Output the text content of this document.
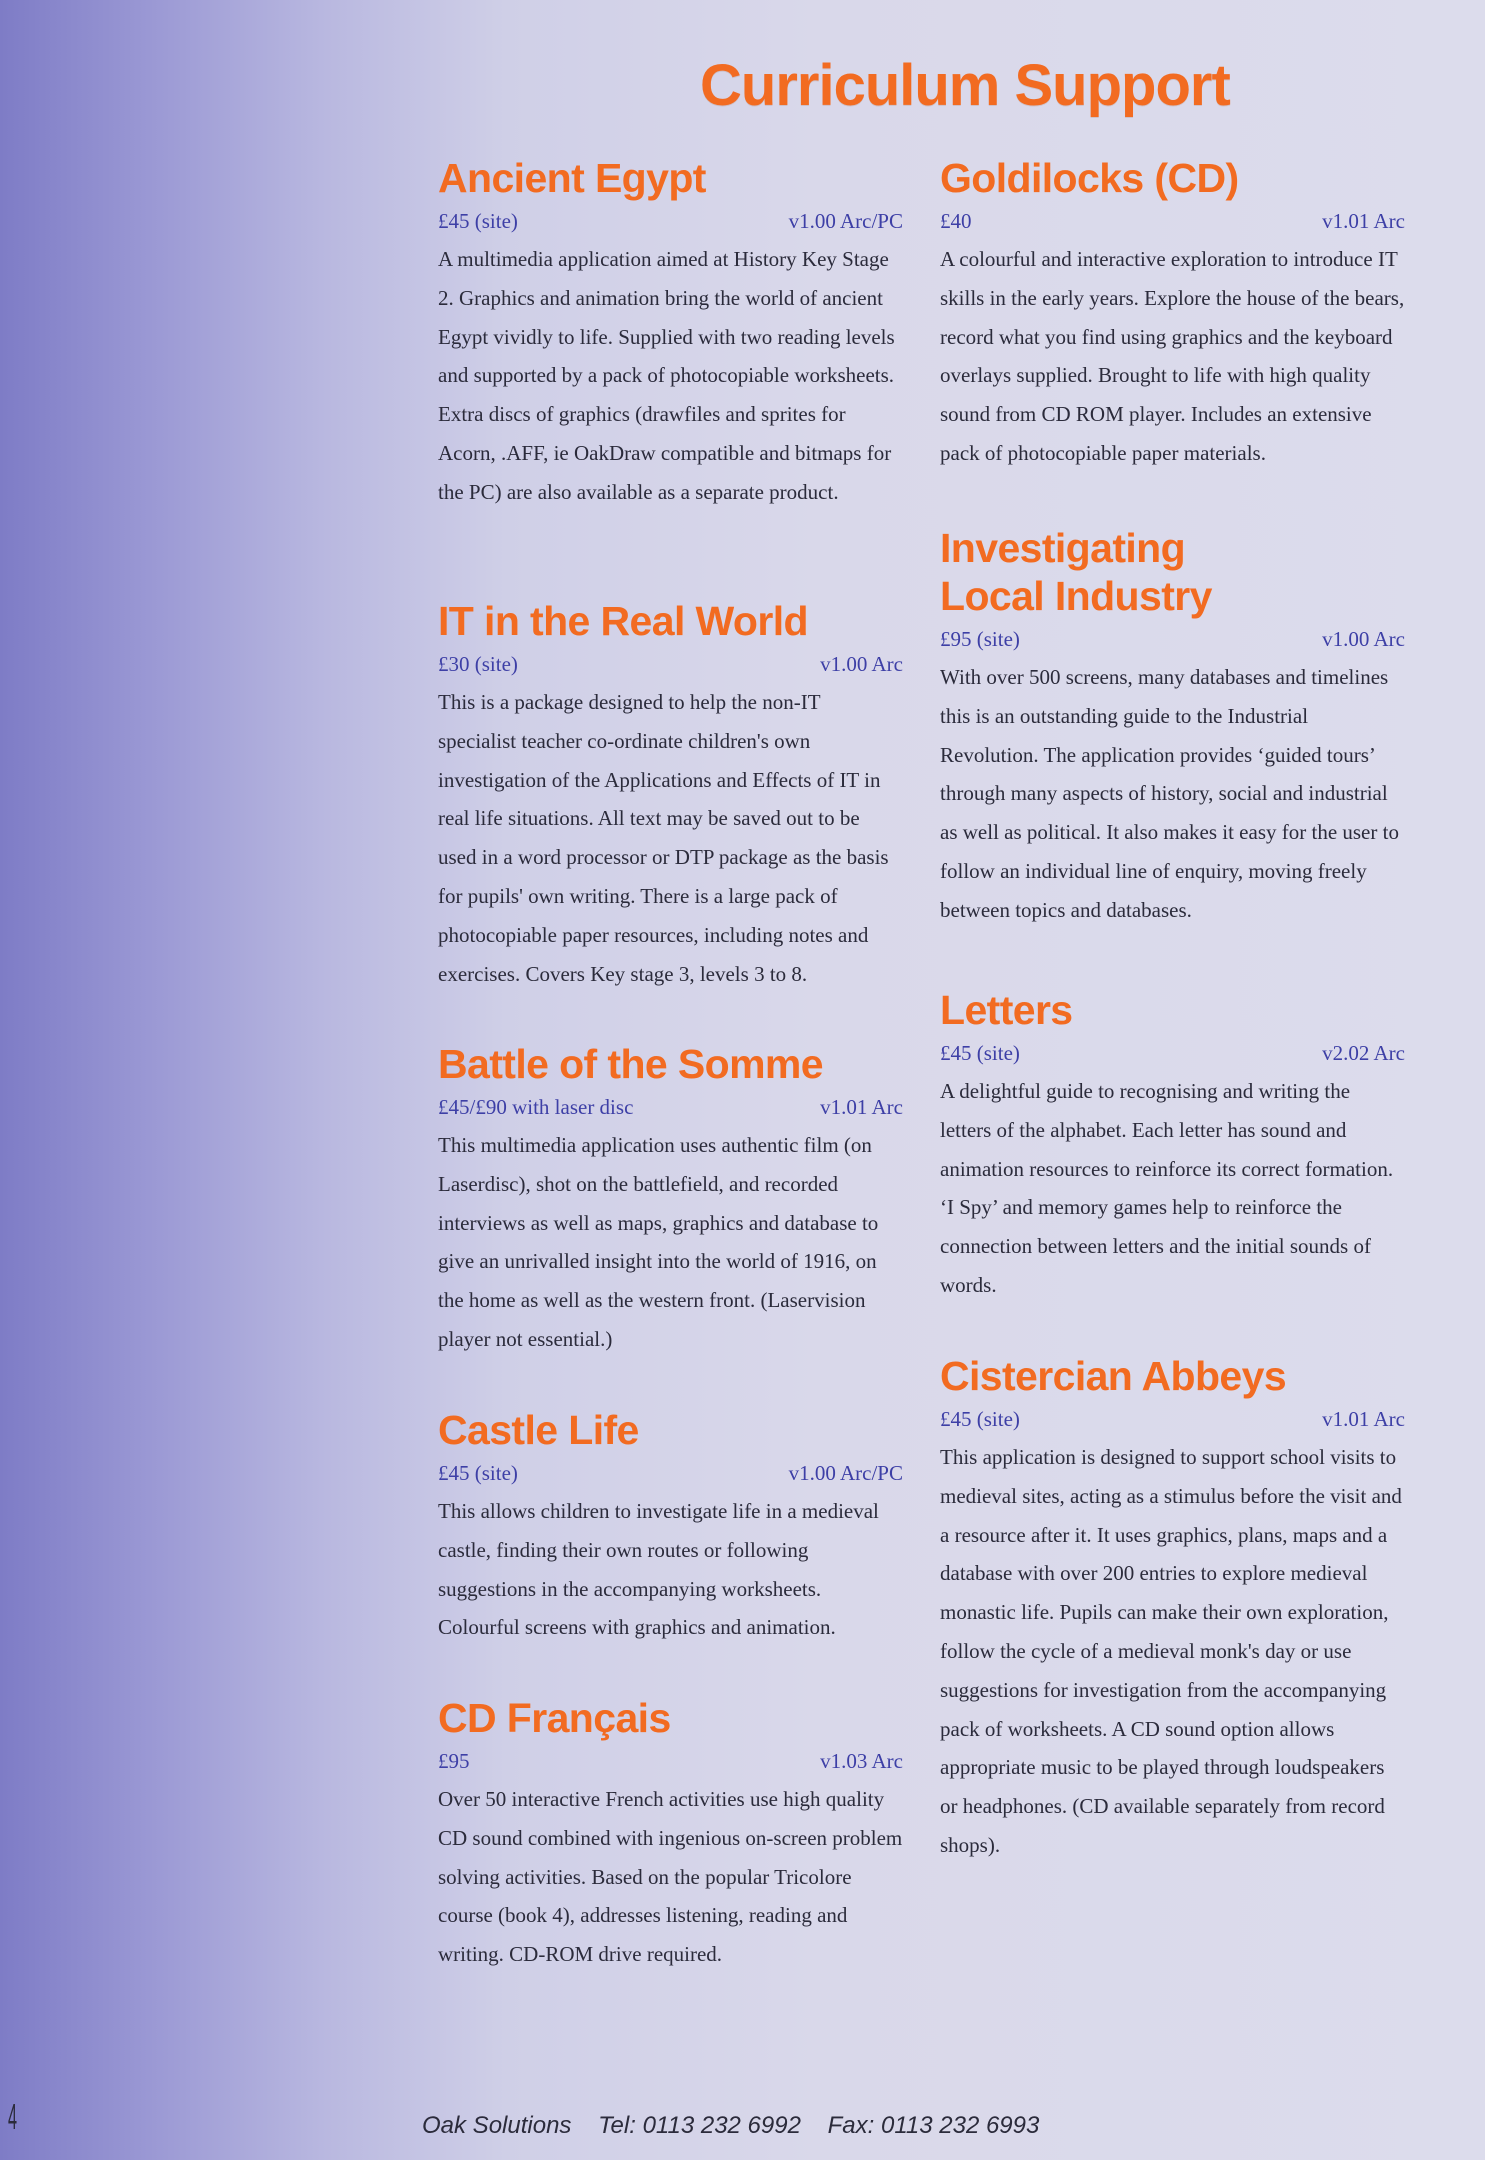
Curriculum Support
Ancient Egypt
£45 (site)	v1.00 Arc/PC

A multimedia application aimed at History Key Stage 2. Graphics and animation bring the world of ancient Egypt vividly to life. Supplied with two reading levels and supported by a pack of photocopiable worksheets. Extra discs of graphics (drawfiles and sprites for Acorn, .AFF, ie OakDraw compatible and bitmaps for the PC) are also available as a separate product.

IT in the Real World
£30 (site)	v1.00 Arc

This is a package designed to help the non-IT specialist teacher co-ordinate children's own investigation of the Applications and Effects of IT in real life situations. All text may be saved out to be used in a word processor or DTP package as the basis for pupils' own writing. There is a large pack of photocopiable paper resources, including notes and exercises. Covers Key stage 3, levels 3 to 8.

Battle of the Somme
£45/£90 with laser disc	v1.01 Arc

This multimedia application uses authentic film (on Laserdisc), shot on the battlefield, and recorded interviews as well as maps, graphics and database to give an unrivalled insight into the world of 1916, on the home as well as the western front. (Laservision player not essential.)

Castle Life
£45 (site)	v1.00 Arc/PC

This allows children to investigate life in a medieval castle, finding their own routes or following suggestions in the accompanying worksheets. Colourful screens with graphics and animation.

CD Français
£95	v1.03 Arc

Over 50 interactive French activities use high quality CD sound combined with ingenious on-screen problem solving activities. Based on the popular Tricolore course (book 4), addresses listening, reading and writing. CD-ROM drive required.

Goldilocks (CD)
£40	v1.01 Arc

A colourful and interactive exploration to introduce IT skills in the early years. Explore the house of the bears, record what you find using graphics and the keyboard overlays supplied. Brought to life with high quality sound from CD ROM player. Includes an extensive pack of photocopiable paper materials.

Investigating Local Industry
£95 (site)	v1.00 Arc

With over 500 screens, many databases and timelines this is an outstanding guide to the Industrial Revolution. The application provides ‘guided tours’ through many aspects of history, social and industrial as well as political. It also makes it easy for the user to follow an individual line of enquiry, moving freely between topics and databases.

Letters
£45 (site)	v2.02 Arc

A delightful guide to recognising and writing the letters of the alphabet. Each letter has sound and animation resources to reinforce its correct formation. ‘I Spy’ and memory games help to reinforce the connection between letters and the initial sounds of words.

Cistercian Abbeys
£45 (site)	v1.01 Arc

This application is designed to support school visits to medieval sites, acting as a stimulus before the visit and a resource after it. It uses graphics, plans, maps and a database with over 200 entries to explore medieval monastic life. Pupils can make their own exploration, follow the cycle of a medieval monk's day or use suggestions for investigation from the accompanying pack of worksheets. A CD sound option allows appropriate music to be played through loudspeakers or headphones. (CD available separately from record shops).

Oak Solutions Tel: 0113 232 6992 Fax: 0113 232 6993
4
